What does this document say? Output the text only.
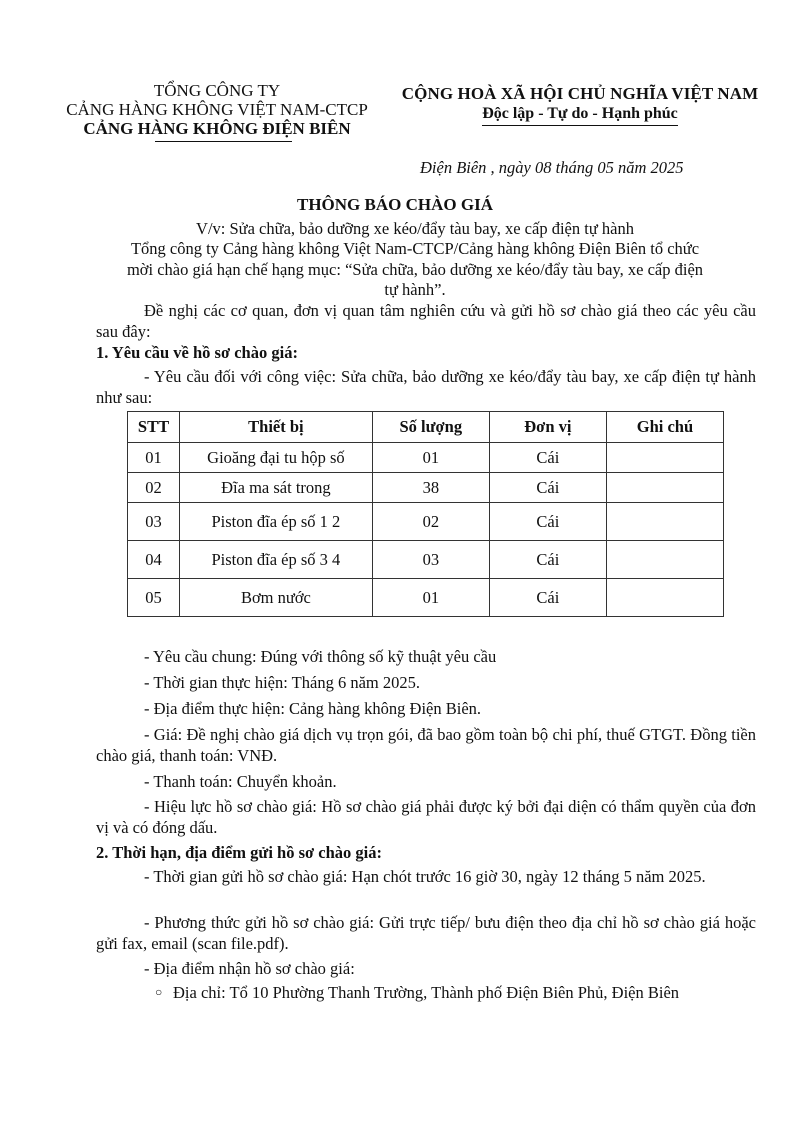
TỔNG CÔNG TY
CẢNG HÀNG KHÔNG VIỆT NAM-CTCP
CẢNG HÀNG KHÔNG ĐIỆN BIÊN
CỘNG HOÀ XÃ HỘI CHỦ NGHĨA VIỆT NAM
Độc lập - Tự do - Hạnh phúc
Điện Biên , ngày 08 tháng 05 năm 2025
THÔNG BÁO CHÀO GIÁ
V/v: Sửa chữa, bảo dưỡng xe kéo/đẩy tàu bay, xe cấp điện tự hành
Tổng công ty Cảng hàng không Việt Nam-CTCP/Cảng hàng không Điện Biên tổ chức
mời chào giá hạn chế hạng mục: “Sửa chữa, bảo dưỡng xe kéo/đẩy tàu bay, xe cấp điện
tự hành”.
Đề nghị các cơ quan, đơn vị quan tâm nghiên cứu và gửi hồ sơ chào giá theo các yêu cầu sau đây:
1. Yêu cầu về hồ sơ chào giá:
- Yêu cầu đối với công việc: Sửa chữa, bảo dưỡng xe kéo/đẩy tàu bay, xe cấp điện tự hành như sau:
STT	Thiết bị	Số lượng	Đơn vị	Ghi chú
01	Gioăng đại tu hộp số	01	Cái	
02	Đĩa ma sát trong	38	Cái	
03	Piston đĩa ép số 1 2	02	Cái	
04	Piston đĩa ép số 3 4	03	Cái	
05	Bơm nước	01	Cái	
- Yêu cầu chung: Đúng với thông số kỹ thuật yêu cầu
- Thời gian thực hiện: Tháng 6 năm 2025.
- Địa điểm thực hiện: Cảng hàng không Điện Biên.
- Giá: Đề nghị chào giá dịch vụ trọn gói, đã bao gồm toàn bộ chi phí, thuế GTGT. Đồng tiền chào giá, thanh toán: VNĐ.
- Thanh toán: Chuyển khoản.
- Hiệu lực hồ sơ chào giá: Hồ sơ chào giá phải được ký bởi đại diện có thẩm quyền của đơn vị và có đóng dấu.
2. Thời hạn, địa điểm gửi hồ sơ chào giá:
- Thời gian gửi hồ sơ chào giá: Hạn chót trước 16 giờ 30, ngày 12 tháng 5 năm 2025.
- Phương thức gửi hồ sơ chào giá: Gửi trực tiếp/ bưu điện theo địa chỉ hồ sơ chào giá hoặc gửi fax, email (scan file.pdf).
- Địa điểm nhận hồ sơ chào giá:
○ Địa chỉ: Tổ 10 Phường Thanh Trường, Thành phố Điện Biên Phủ, Điện Biên
